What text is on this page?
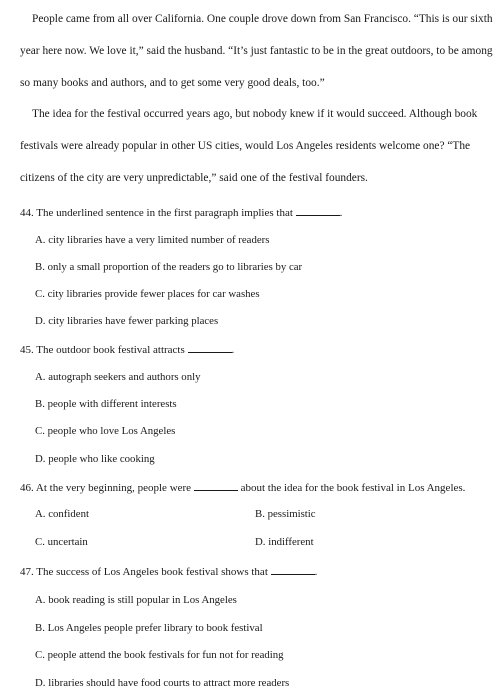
People came from all over California. One couple drove down from San Francisco. “This is our sixth
year here now. We love it,” said the husband. “It’s just fantastic to be in the great outdoors, to be among
so many books and authors, and to get some very good deals, too.”
The idea for the festival occurred years ago, but nobody knew if it would succeed. Although book
festivals were already popular in other US cities, would Los Angeles residents welcome one? “The
citizens of the city are very unpredictable,” said one of the festival founders.
44. The underlined sentence in the first paragraph implies that	.
A. city libraries have a very limited number of readers
B. only a small proportion of the readers go to libraries by car
C. city libraries provide fewer places for car washes
D. city libraries have fewer parking places
45. The outdoor book festival attracts	.
A. autograph seekers and authors only
B. people with different interests
C. people who love Los Angeles
D. people who like cooking
46. At the very beginning, people were	about the idea for the book festival in Los Angeles.
A. confident	B. pessimistic
C. uncertain	D. indifferent
47. The success of Los Angeles book festival shows that	.
A. book reading is still popular in Los Angeles
B. Los Angeles people prefer library to book festival
C. people attend the book festivals for fun not for reading
D. libraries should have food courts to attract more readers
